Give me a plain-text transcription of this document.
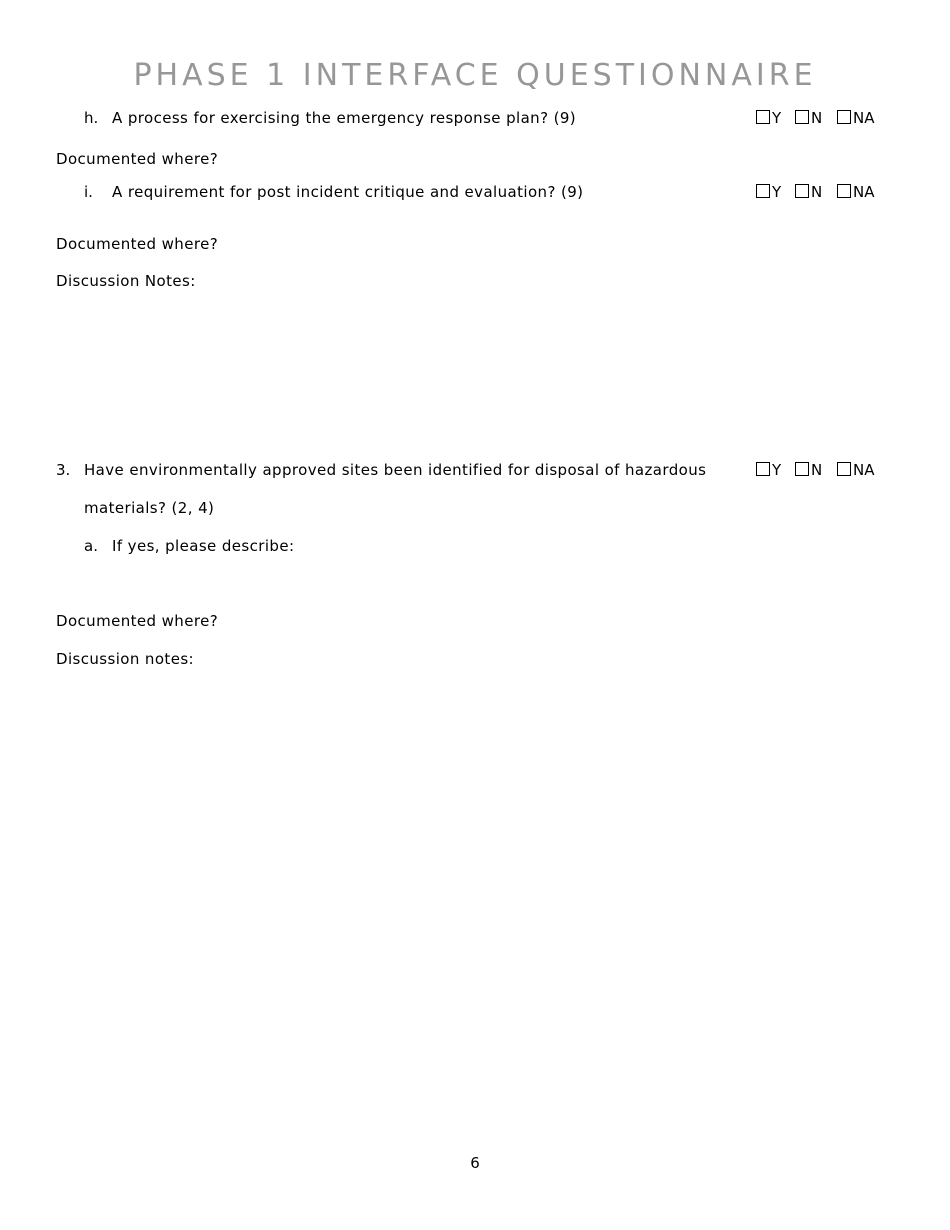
PHASE 1 INTERFACE QUESTIONNAIRE
h. A process for exercising the emergency response plan? (9)	Y N NA
Documented where?
i. A requirement for post incident critique and evaluation? (9)	Y N NA
Documented where?
Discussion Notes:
3. Have environmentally approved sites been identified for disposal of hazardous	Y N NA
materials? (2, 4)
a. If yes, please describe:
Documented where?
Discussion notes:
6
